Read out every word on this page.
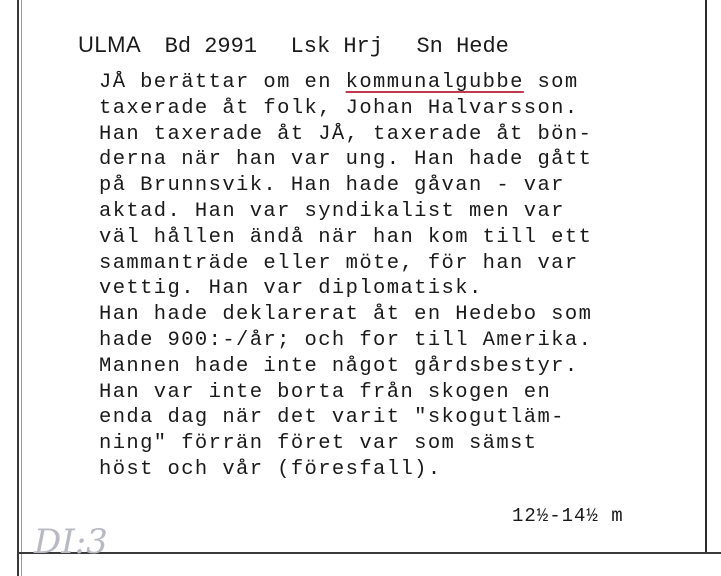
ULMA Bd 2991 Lsk Hrj Sn Hede
JÅ berättar om en kommunalgubbe som
taxerade åt folk, Johan Halvarsson.
Han taxerade åt JÅ, taxerade åt bön-
derna när han var ung. Han hade gått
på Brunnsvik. Han hade gåvan - var
aktad. Han var syndikalist men var
väl hållen ändå när han kom till ett
sammanträde eller möte, för han var
vettig. Han var diplomatisk.
Han hade deklarerat åt en Hedebo som
hade 900:-/år; och for till Amerika.
Mannen hade inte något gårdsbestyr.
Han var inte borta från skogen en
enda dag när det varit "skogutläm-
ning" förrän föret var som sämst
höst och vår (föresfall).
12½-14½ m
DI:3
